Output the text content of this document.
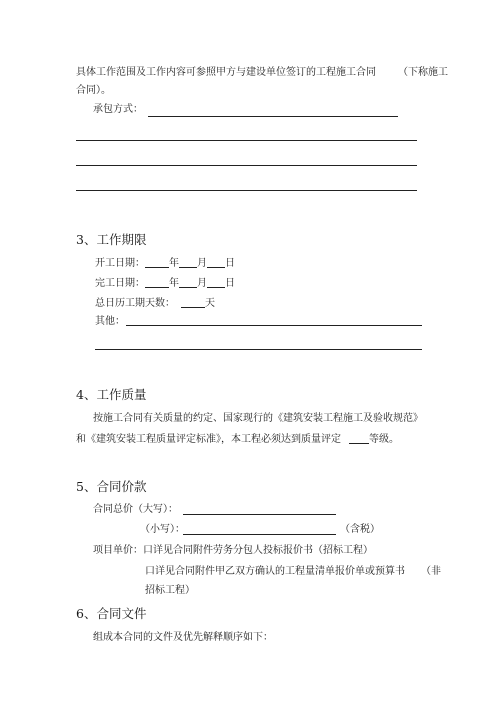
具体工作范围及工作内容可参照甲方与建设单位签订的工程施工合同 （下称施工
合同）。
承包方式：
3、工作期限
开工日期： 年 月 日
完工日期： 年 月 日
总日历工期天数：	天
其他：
4、工作质量
按施工合同有关质量的约定、国家现行的《建筑安装工程施工及验收规范》
和《建筑安装工程质量评定标准》，本工程必须达到质量评定	等级。
5、合同价款
合同总价（大写）：
（小写）：	（含税）
项目单价：口详见合同附件劳务分包人投标报价书（招标工程）
口详见合同附件甲乙双方确认的工程量清单报价单或预算书 （非
招标工程）
6、合同文件
组成本合同的文件及优先解释顺序如下：
